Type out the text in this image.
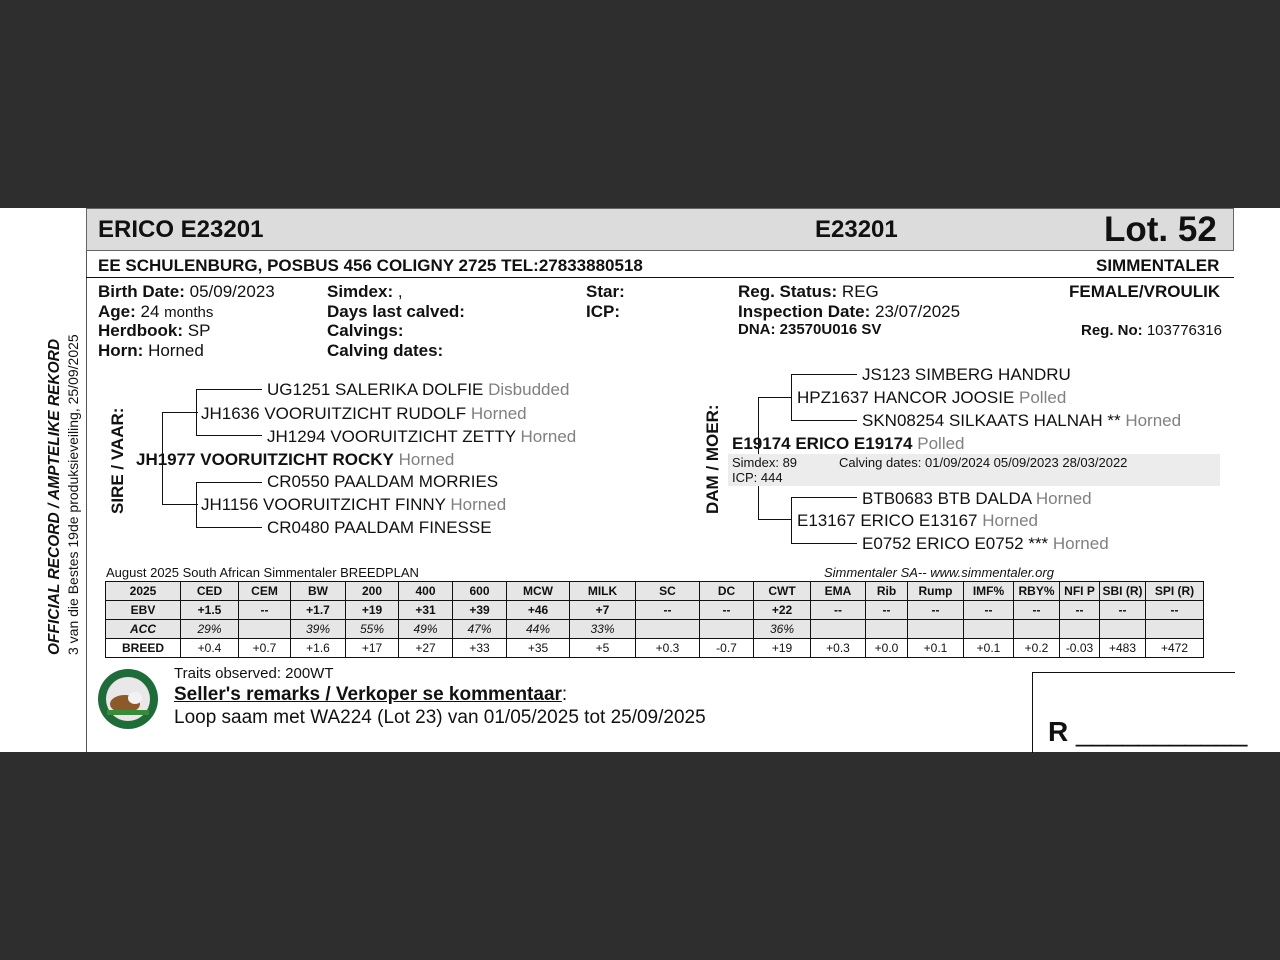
OFFICIAL RECORD / AMPTELIKE REKORD 3 van die Bestes 19de produksieveiling, 25/09/2025
ERICO E23201	E23201	Lot. 52
EE SCHULENBURG, POSBUS 456 COLIGNY 2725 TEL:27833880518	SIMMENTALER
Birth Date: 05/09/2023
Age: 24 months
Herdbook: SP
Horn: Horned
Simdex: ,
Days last calved:
Calvings:
Calving dates:
Star:
ICP:
Reg. Status: REG
Inspection Date: 23/07/2025
DNA: 23570U016 SV
FEMALE/VROULIK
Reg. No: 103776316
SIRE / VAAR:	DAM / MOER:
UG1251 SALERIKA DOLFIE Disbudded
JH1636 VOORUITZICHT RUDOLF Horned
JH1294 VOORUITZICHT ZETTY Horned
JH1977 VOORUITZICHT ROCKY Horned
CR0550 PAALDAM MORRIES
JH1156 VOORUITZICHT FINNY Horned
CR0480 PAALDAM FINESSE
JS123 SIMBERG HANDRU
HPZ1637 HANCOR JOOSIE Polled
SKN08254 SILKAATS HALNAH ** Horned
E19174 ERICO E19174 Polled
Simdex: 89	Calving dates: 01/09/2024 05/09/2023 28/03/2022
ICP: 444
BTB0683 BTB DALDA Horned
E13167 ERICO E13167 Horned
E0752 ERICO E0752 *** Horned
August 2025 South African Simmentaler BREEDPLAN	Simmentaler SA-- www.simmentaler.org
2025	CED	CEM	BW	200	400	600	MCW	MILK	SC	DC	CWT	EMA	Rib	Rump	IMF%	RBY%	NFI P	SBI (R)	SPI (R)
EBV	+1.5	--	+1.7	+19	+31	+39	+46	+7	--	--	+22	--	--	--	--	--	--	--	--
ACC	29%		39%	55%	49%	47%	44%	33%			36%								
BREED	+0.4	+0.7	+1.6	+17	+27	+33	+35	+5	+0.3	-0.7	+19	+0.3	+0.0	+0.1	+0.1	+0.2	-0.03	+483	+472
Traits observed: 200WT
Seller's remarks / Verkoper se kommentaar:
Loop saam met WA224 (Lot 23) van 01/05/2025 tot 25/09/2025	R ___________
